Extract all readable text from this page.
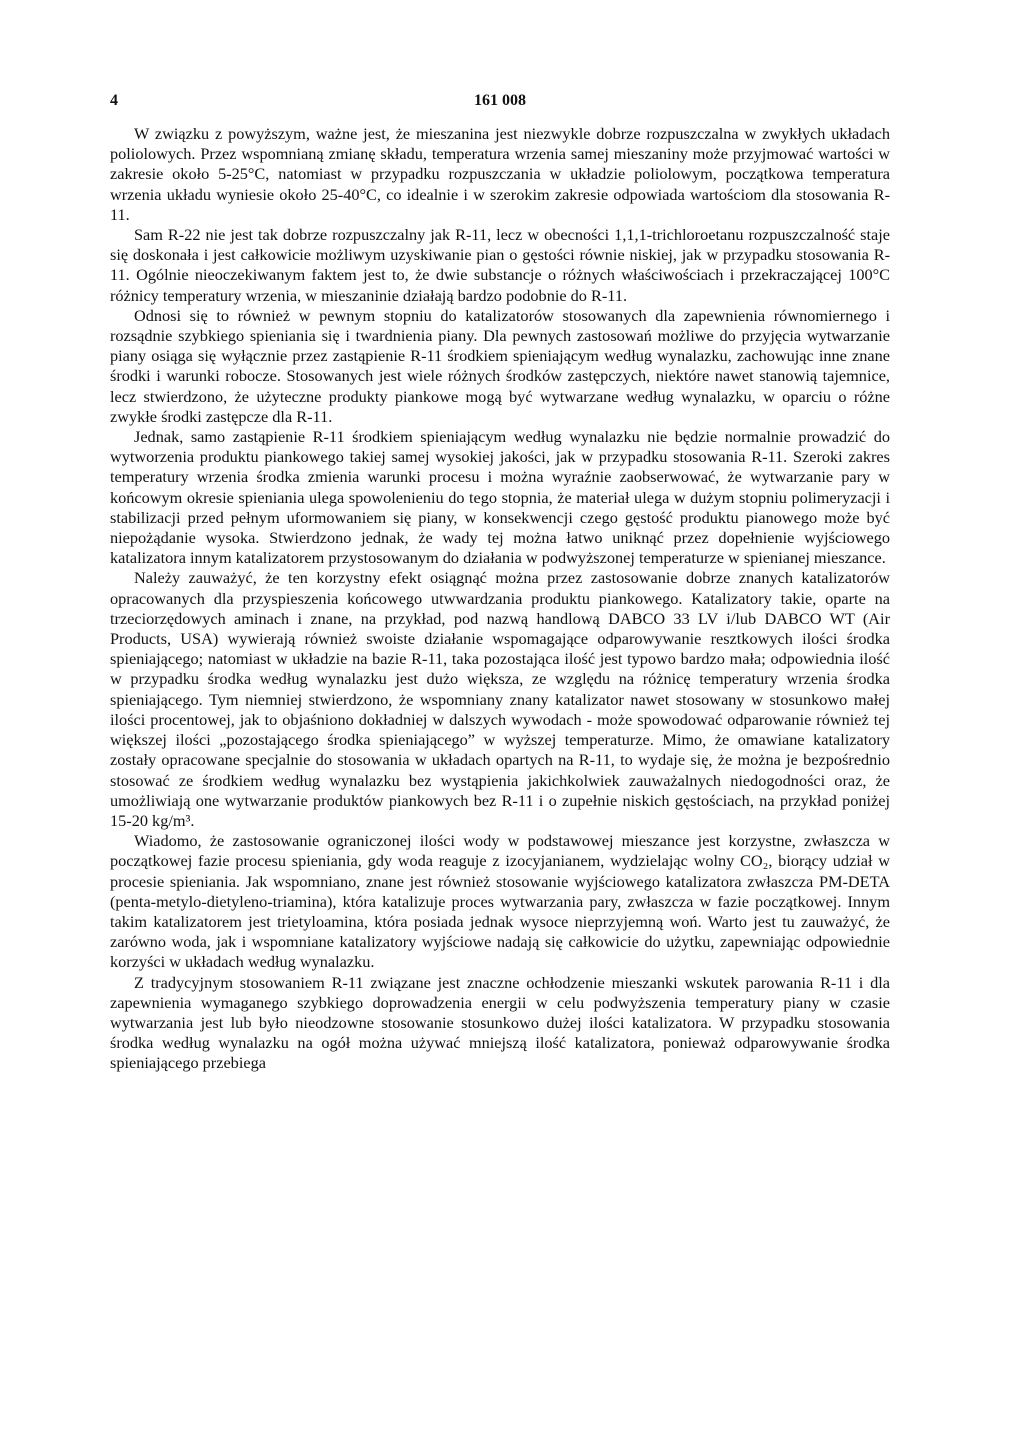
4	161 008

W związku z powyższym, ważne jest, że mieszanina jest niezwykle dobrze rozpuszczalna w zwykłych układach poliolowych. Przez wspomnianą zmianę składu, temperatura wrzenia samej mieszaniny może przyjmować wartości w zakresie około 5-25°C, natomiast w przypadku rozpuszczania w układzie poliolowym, początkowa temperatura wrzenia układu wyniesie około 25-40°C, co idealnie i w szerokim zakresie odpowiada wartościom dla stosowania R-11.

Sam R-22 nie jest tak dobrze rozpuszczalny jak R-11, lecz w obecności 1,1,1-trichloroetanu rozpuszczalność staje się doskonała i jest całkowicie możliwym uzyskiwanie pian o gęstości równie niskiej, jak w przypadku stosowania R-11. Ogólnie nieoczekiwanym faktem jest to, że dwie substancje o różnych właściwościach i przekraczającej 100°C różnicy temperatury wrzenia, w mieszaninie działają bardzo podobnie do R-11.

Odnosi się to również w pewnym stopniu do katalizatorów stosowanych dla zapewnienia równomiernego i rozsądnie szybkiego spieniania się i twardnienia piany. Dla pewnych zastosowań możliwe do przyjęcia wytwarzanie piany osiąga się wyłącznie przez zastąpienie R-11 środkiem spieniającym według wynalazku, zachowując inne znane środki i warunki robocze. Stosowanych jest wiele różnych środków zastępczych, niektóre nawet stanowią tajemnice, lecz stwierdzono, że użyteczne produkty piankowe mogą być wytwarzane według wynalazku, w oparciu o różne zwykłe środki zastępcze dla R-11.

Jednak, samo zastąpienie R-11 środkiem spieniającym według wynalazku nie będzie normalnie prowadzić do wytworzenia produktu piankowego takiej samej wysokiej jakości, jak w przypadku stosowania R-11. Szeroki zakres temperatury wrzenia środka zmienia warunki procesu i można wyraźnie zaobserwować, że wytwarzanie pary w końcowym okresie spieniania ulega spowolenieniu do tego stopnia, że materiał ulega w dużym stopniu polimeryzacji i stabilizacji przed pełnym uformowaniem się piany, w konsekwencji czego gęstość produktu pianowego może być niepożądanie wysoka. Stwierdzono jednak, że wady tej można łatwo uniknąć przez dopełnienie wyjściowego katalizatora innym katalizatorem przystosowanym do działania w podwyższonej temperaturze w spienianej mieszance.

Należy zauważyć, że ten korzystny efekt osiągnąć można przez zastosowanie dobrze znanych katalizatorów opracowanych dla przyspieszenia końcowego utwwardzania produktu piankowego. Katalizatory takie, oparte na trzeciorzędowych aminach i znane, na przykład, pod nazwą handlową DABCO 33 LV i/lub DABCO WT (Air Products, USA) wywierają również swoiste działanie wspomagające odparowywanie resztkowych ilości środka spieniającego; natomiast w układzie na bazie R-11, taka pozostająca ilość jest typowo bardzo mała; odpowiednia ilość w przypadku środka według wynalazku jest dużo większa, ze względu na różnicę temperatury wrzenia środka spieniającego. Tym niemniej stwierdzono, że wspomniany znany katalizator nawet stosowany w stosunkowo małej ilości procentowej, jak to objaśniono dokładniej w dalszych wywodach - może spowodować odparowanie również tej większej ilości „pozostającego środka spieniającego” w wyższej temperaturze. Mimo, że omawiane katalizatory zostały opracowane specjalnie do stosowania w układach opartych na R-11, to wydaje się, że można je bezpośrednio stosować ze środkiem według wynalazku bez wystąpienia jakichkolwiek zauważalnych niedogodności oraz, że umożliwiają one wytwarzanie produktów piankowych bez R-11 i o zupełnie niskich gęstościach, na przykład poniżej 15-20 kg/m³.

Wiadomo, że zastosowanie ograniczonej ilości wody w podstawowej mieszance jest korzystne, zwłaszcza w początkowej fazie procesu spieniania, gdy woda reaguje z izocyjanianem, wydzielając wolny CO₂, biorący udział w procesie spieniania. Jak wspomniano, znane jest również stosowanie wyjściowego katalizatora zwłaszcza PM-DETA (penta-metylo-dietyleno-triamina), która katalizuje proces wytwarzania pary, zwłaszcza w fazie początkowej. Innym takim katalizatorem jest trietyloamina, która posiada jednak wysoce nieprzyjemną woń. Warto jest tu zauważyć, że zarówno woda, jak i wspomniane katalizatory wyjściowe nadają się całkowicie do użytku, zapewniając odpowiednie korzyści w układach według wynalazku.

Z tradycyjnym stosowaniem R-11 związane jest znaczne ochłodzenie mieszanki wskutek parowania R-11 i dla zapewnienia wymaganego szybkiego doprowadzenia energii w celu podwyższenia temperatury piany w czasie wytwarzania jest lub było nieodzowne stosowanie stosunkowo dużej ilości katalizatora. W przypadku stosowania środka według wynalazku na ogół można używać mniejszą ilość katalizatora, ponieważ odparowywanie środka spieniającego przebiega
